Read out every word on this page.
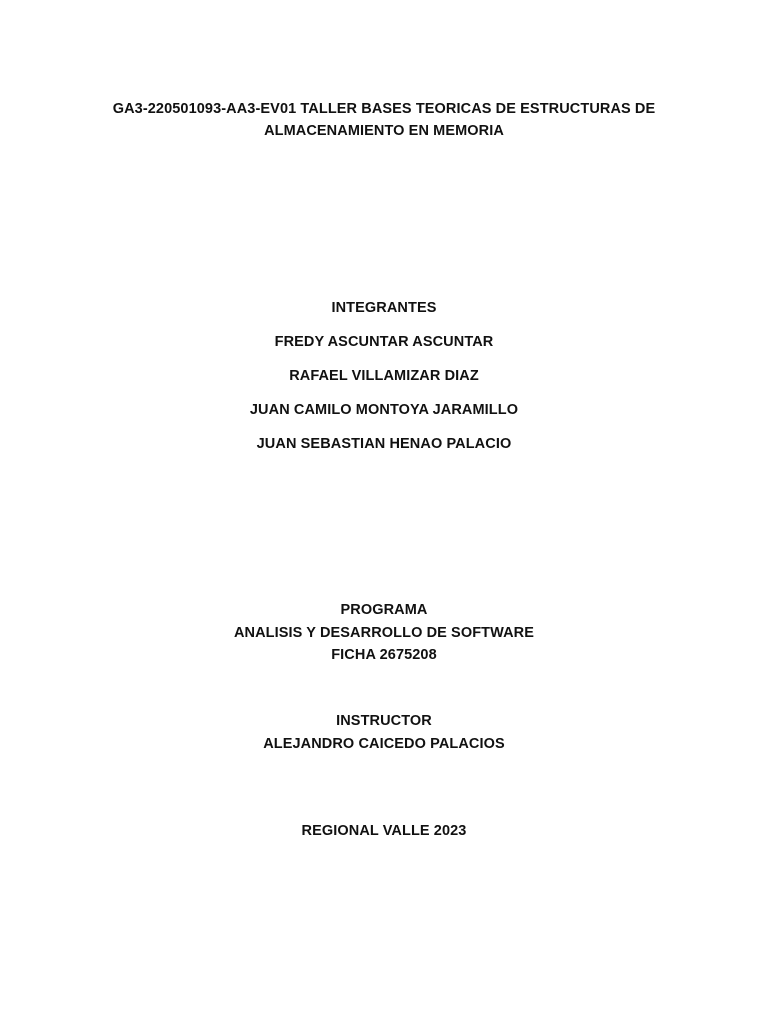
GA3-220501093-AA3-EV01 TALLER BASES TEORICAS DE ESTRUCTURAS DE
ALMACENAMIENTO EN MEMORIA
INTEGRANTES
FREDY ASCUNTAR ASCUNTAR
RAFAEL VILLAMIZAR DIAZ
JUAN CAMILO MONTOYA JARAMILLO
JUAN SEBASTIAN HENAO PALACIO
PROGRAMA
ANALISIS Y DESARROLLO DE SOFTWARE
FICHA 2675208
INSTRUCTOR
ALEJANDRO CAICEDO PALACIOS
REGIONAL VALLE 2023
